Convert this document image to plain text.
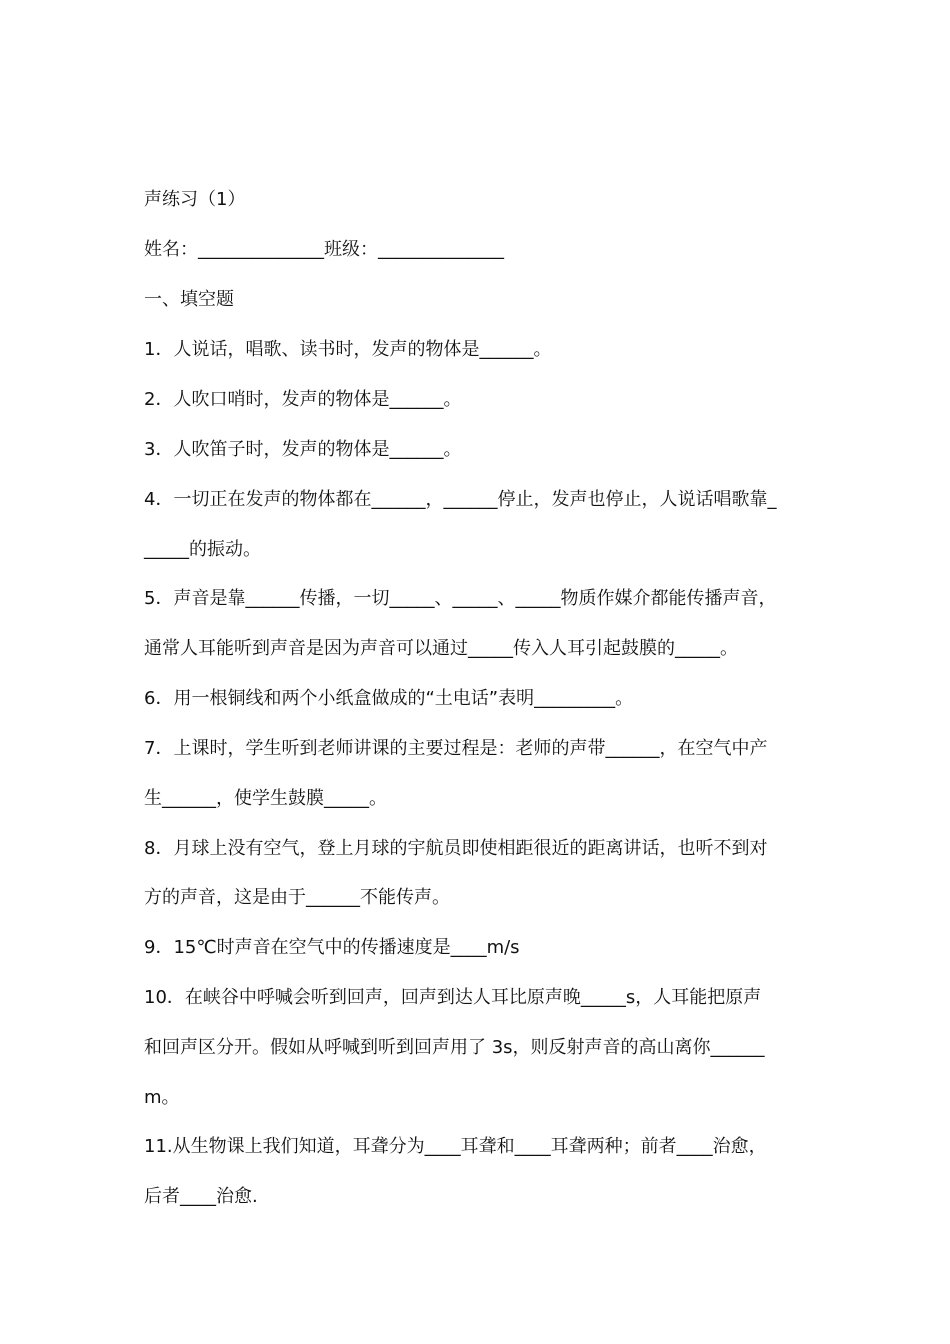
声练习（1）
姓名：______________班级：______________
一、填空题
1．人说话，唱歌、读书时，发声的物体是______。
2．人吹口哨时，发声的物体是______。
3．人吹笛子时，发声的物体是______。
4．一切正在发声的物体都在______，______停止，发声也停止，人说话唱歌靠_
_____的振动。
5．声音是靠______传播，一切_____、_____、_____物质作媒介都能传播声音，
通常人耳能听到声音是因为声音可以通过_____传入人耳引起鼓膜的_____。
6．用一根铜线和两个小纸盒做成的“土电话”表明_________。
7．上课时，学生听到老师讲课的主要过程是：老师的声带______，在空气中产
生______，使学生鼓膜_____。
8．月球上没有空气，登上月球的宇航员即使相距很近的距离讲话，也听不到对
方的声音，这是由于______不能传声。
9．15℃时声音在空气中的传播速度是____m/s
10．在峡谷中呼喊会听到回声，回声到达人耳比原声晚_____s，人耳能把原声
和回声区分开。假如从呼喊到听到回声用了 3s，则反射声音的高山离你______
m。
11.从生物课上我们知道，耳聋分为____耳聋和____耳聋两种；前者____治愈，
后者____治愈.
